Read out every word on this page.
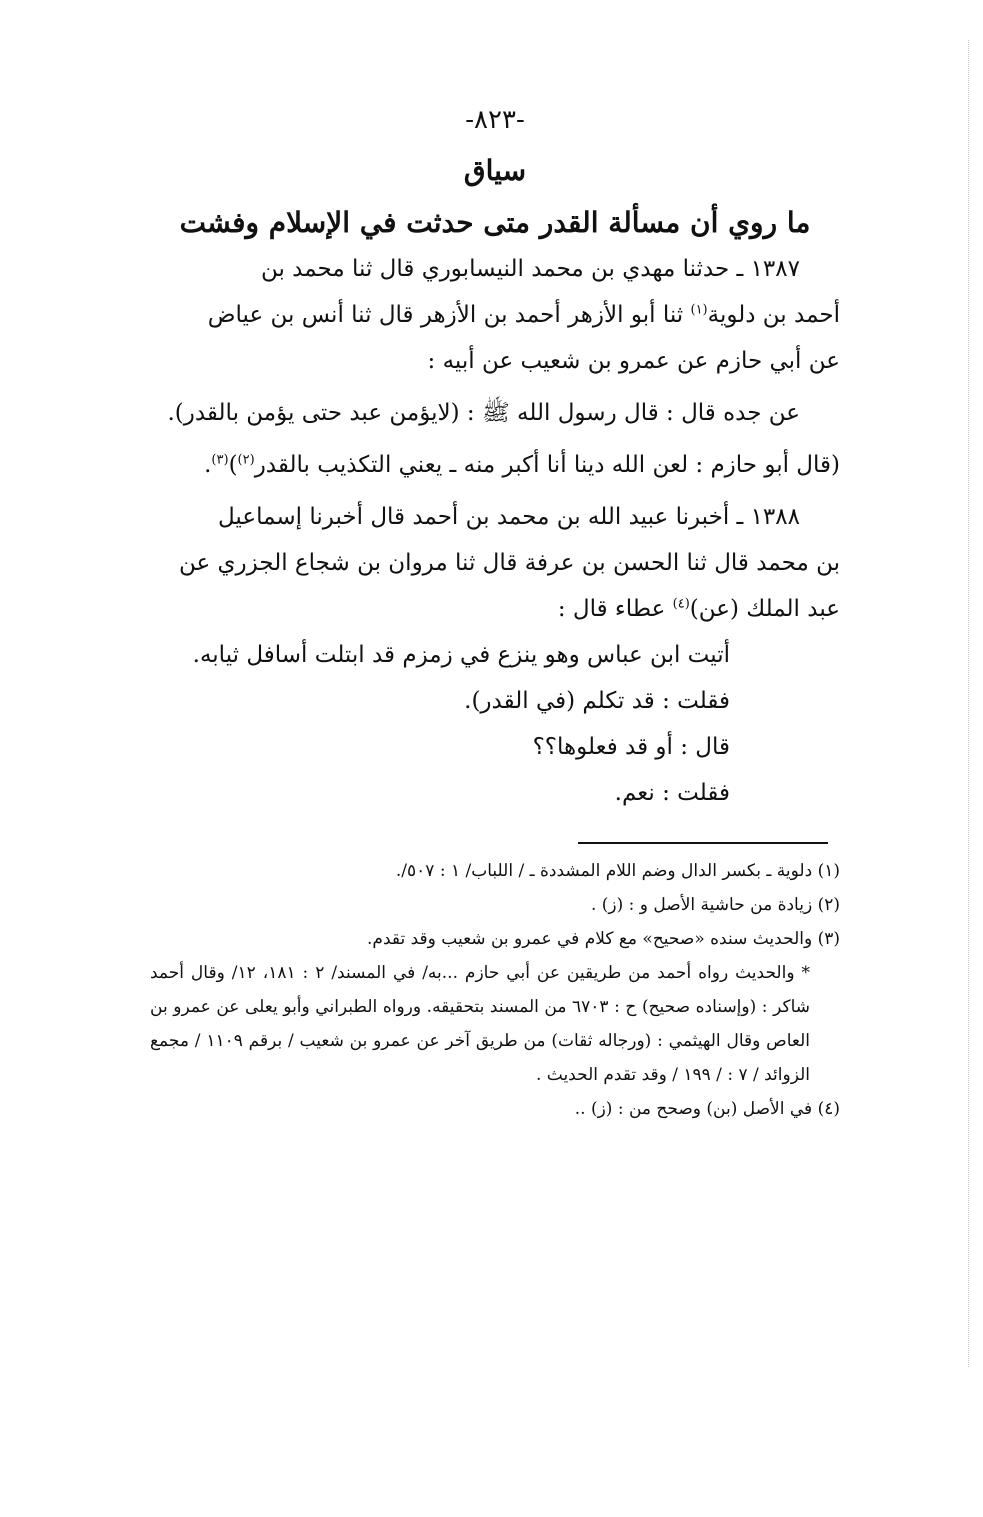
-٨٢٣-

سياق

ما روي أن مسألة القدر متى حدثت في الإسلام وفشت

١٣٨٧ ـ حدثنا مهدي بن محمد النيسابوري قال ثنا محمد بن
أحمد بن دلوية$^{(١)}$ ثنا أبو الأزهر أحمد بن الأزهر قال ثنا أنس بن عياض
عن أبي حازم عن عمرو بن شعيب عن أبيه :

عن جده قال : قال رسول الله ﷺ : (لايؤمن عبد حتى يؤمن بالقدر).

(قال أبو حازم : لعن الله دينا أنا أكبر منه ـ يعني التكذيب بالقدر$^{(٢)}$)$^{(٣)}$.

١٣٨٨ ـ أخبرنا عبيد الله بن محمد بن أحمد قال أخبرنا إسماعيل
بن محمد قال ثنا الحسن بن عرفة قال ثنا مروان بن شجاع الجزري عن
عبد الملك (عن)$^{(٤)}$ عطاء قال :

أتيت ابن عباس وهو ينزع في زمزم قد ابتلت أسافل ثيابه.

فقلت : قد تكلم (في القدر).

قال : أو قد فعلوها؟؟

فقلت : نعم.

(١) دلوية ـ بكسر الدال وضم اللام المشددة ـ / اللباب/ ١ : ٥٠٧/.

(٢) زيادة من حاشية الأصل و : (ز) .

(٣) والحديث سنده «صحيح» مع كلام في عمرو بن شعيب وقد تقدم.

* والحديث رواه أحمد من طريقين عن أبي حازم ...به/ في المسند/ ٢ : ١٨١، ١٢/ وقال أحمد شاكر : (وإسناده صحيح) ح : ٦٧٠٣ من المسند بتحقيقه. ورواه الطبراني وأبو يعلى عن عمرو بن العاص وقال الهيثمي : (ورجاله ثقات) من طريق آخر عن عمرو بن شعيب / برقم ١١٠٩ / مجمع الزوائد / ٧ : / ١٩٩ / وقد تقدم الحديث .

(٤) في الأصل (بن) وصحح من : (ز) ..
